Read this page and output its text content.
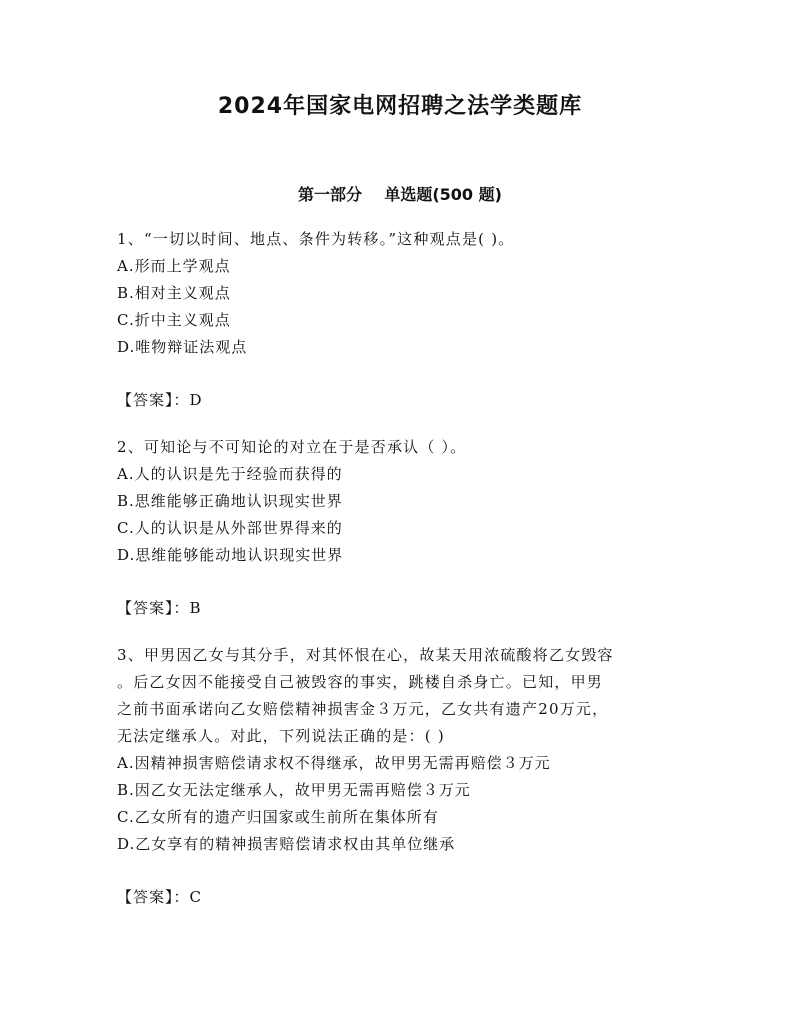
2024年国家电网招聘之法学类题库
第一部分    单选题(500 题)
1、“一切以时间、地点、条件为转移。”这种观点是( )。
A.形而上学观点
B.相对主义观点
C.折中主义观点
D.唯物辩证法观点
【答案】：D
2、可知论与不可知论的对立在于是否承认（ ）。
A.人的认识是先于经验而获得的
B.思维能够正确地认识现实世界
C.人的认识是从外部世界得来的
D.思维能够能动地认识现实世界
【答案】：B
3、甲男因乙女与其分手，对其怀恨在心，故某天用浓硫酸将乙女毁容
。后乙女因不能接受自己被毁容的事实，跳楼自杀身亡。已知，甲男
之前书面承诺向乙女赔偿精神损害金３万元，乙女共有遗产20万元，
无法定继承人。对此，下列说法正确的是：( )
A.因精神损害赔偿请求权不得继承，故甲男无需再赔偿３万元
B.因乙女无法定继承人，故甲男无需再赔偿３万元
C.乙女所有的遗产归国家或生前所在集体所有
D.乙女享有的精神损害赔偿请求权由其单位继承
【答案】：C
